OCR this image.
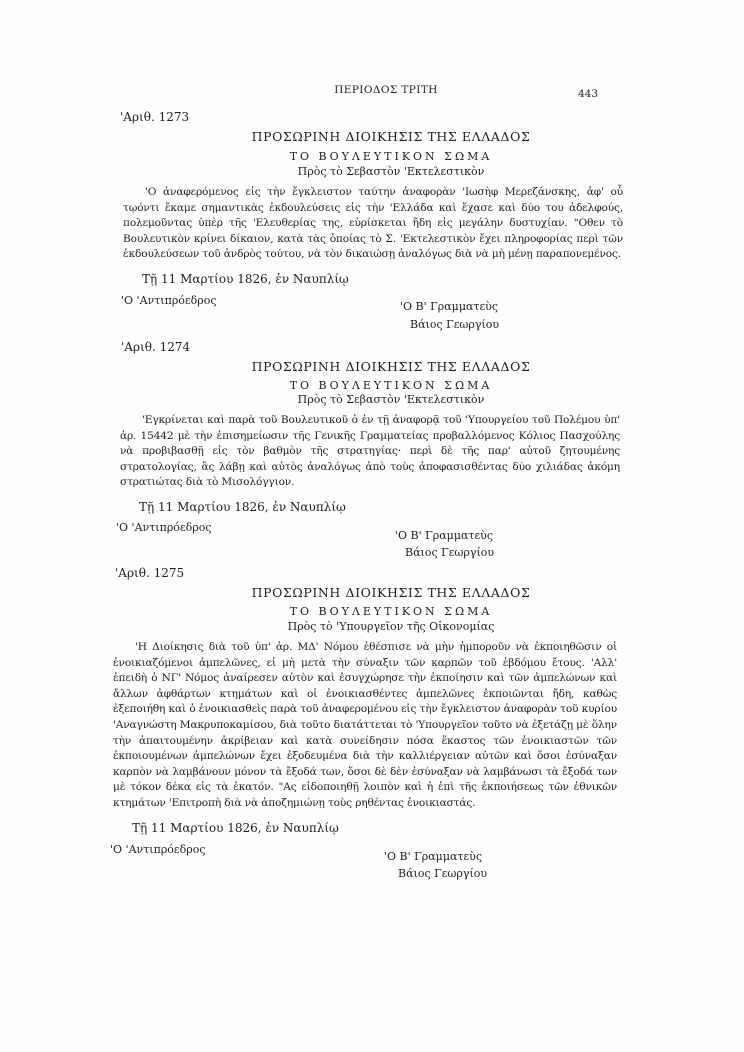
ΠΕΡΙΟΔΟΣ ΤΡΙΤΗ	443
'Αριθ. 1273
ΠΡΟΣΩΡΙΝΗ ΔΙΟΙΚΗΣΙΣ ΤΗΣ ΕΛΛΑΔΟΣ
ΤΟ ΒΟΥΛΕΥΤΙΚΟΝ ΣΩΜΑ
Πρὸς τὸ Σεβαστὸν 'Εκτελεστικὸν

'Ο ἀναφερόμενος εἰς τὴν ἔγκλειστον ταύτην ἀναφορὰν 'Ιωσὴφ Μερεζάνσκης, ἀφ' οὗ τῳόντι ἔκαμε σημαντικὰς ἐκδουλεύσεις εἰς τὴν 'Ελλάδα καὶ ἔχασε καὶ δύο του ἀδελφούς, πολεμοῦντας ὑπὲρ τῆς 'Ελευθερίας της, εὑρίσκεται ἤδη εἰς μεγάλην δυστυχίαν. "Οθεν τὸ Βουλευτικὸν κρίνει δίκαιον, κατὰ τὰς ὁποίας τὸ Σ. 'Εκτελεστικὸν ἔχει πληροφορίας περὶ τῶν ἐκδουλεύσεων τοῦ ἀνδρὸς τούτου, νὰ τὸν δικαιώσῃ ἀναλόγως διὰ νὰ μὴ μένῃ παραπονεμένος.

Τῇ 11 Μαρτίου 1826, ἐν Ναυπλίῳ
'Ο 'Αντιπρόεδρος	'Ο Β' Γραμματεὺς
Βάιος Γεωργίου
'Αριθ. 1274
ΠΡΟΣΩΡΙΝΗ ΔΙΟΙΚΗΣΙΣ ΤΗΣ ΕΛΛΑΔΟΣ
ΤΟ ΒΟΥΛΕΥΤΙΚΟΝ ΣΩΜΑ
Πρὸς τὸ Σεβαστὸν 'Εκτελεστικὸν

'Εγκρίνεται καὶ παρὰ τοῦ Βουλευτικοῦ ὁ ἐν τῇ ἀναφορᾷ τοῦ 'Υπουργείου τοῦ Πολέμου ὑπ' ἀρ. 15442 μὲ τὴν ἐπισημείωσιν τῆς Γενικῆς Γραμματείας προβαλλόμενος Κόλιος Πασχούλης νὰ προβιβασθῇ εἰς τὸν βαθμὸν τῆς στρατηγίας· περὶ δὲ τῆς παρ' αὐτοῦ ζητουμένης στρατολογίας, ἂς λάβῃ καὶ αὐτὸς ἀναλόγως ἀπὸ τοὺς ἀποφασισθέντας δύο χιλιάδας ἀκόμη στρατιώτας διὰ τὸ Μισολόγγιον.

Τῇ 11 Μαρτίου 1826, ἐν Ναυπλίῳ
'Ο 'Αντιπρόεδρος
'Ο Β' Γραμματεὺς
Βάιος Γεωργίου
'Αριθ. 1275
ΠΡΟΣΩΡΙΝΗ ΔΙΟΙΚΗΣΙΣ ΤΗΣ ΕΛΛΑΔΟΣ
ΤΟ ΒΟΥΛΕΥΤΙΚΟΝ ΣΩΜΑ
Πρὸς τὸ 'Υπουργεῖον τῆς Οἰκονομίας

'Η Διοίκησις διὰ τοῦ ὑπ' ἀρ. ΜΔ' Νόμου ἐθέσπισε νὰ μὴν ἠμποροῦν νὰ ἐκποιηθῶσιν οἱ ἐνοικιαζόμενοι ἀμπελῶνες, εἰ μὴ μετὰ τὴν σύναξιν τῶν καρπῶν τοῦ ἑβδόμου ἔτους. 'Αλλ' ἐπειδὴ ὁ ΝΓ' Νόμος ἀναίρεσεν αὐτὸν καὶ ἐσυγχώρησε τὴν ἐκποίησιν καὶ τῶν ἀμπελώνων καὶ ἄλλων ἀφθάρτων κτημάτων καὶ οἱ ἐνοικιασθέντες ἀμπελῶνες ἐκποιῶνται ἤδη, καθὼς ἐξεποιήθη καὶ ὁ ἐνοικιασθεὶς παρὰ τοῦ ἀναφερομένου εἰς τὴν ἔγκλειστον ἀναφορὰν τοῦ κυρίου 'Αναγνώστη Μακρυποκαμίσου, διὰ τοῦτο διατάττεται τὸ 'Υπουργεῖον τοῦτο νὰ ἐξετάζῃ μὲ ὅλην τὴν ἀπαιτουμένην ἀκρίβειαν καὶ κατὰ συνείδησιν πόσα ἕκαστος τῶν ἐνοικιαστῶν τῶν ἐκποιουμένων ἀμπελώνων ἔχει ἐξοδευμένα διὰ τὴν καλλιέργειαν αὐτῶν καὶ ὅσοι ἐσύναξαν καρπὸν νὰ λαμβάνουν μόνον τὰ ἔξοδά των, ὅσοι δὲ δὲν ἐσύναξαν νὰ λαμβάνωσι τὰ ἔξοδά των μὲ τόκον δέκα εἰς τὰ ἑκατόν. "Ας εἰδοποιηθῇ λοιπὸν καὶ ἡ ἐπὶ τῆς ἐκποιήσεως τῶν ἐθνικῶν κτημάτων 'Επιτροπὴ διὰ νὰ ἀποζημιώνῃ τοὺς ρηθέντας ἐνοικιαστάς.

Τῇ 11 Μαρτίου 1826, ἐν Ναυπλίῳ
'Ο 'Αντιπρόεδρος
'Ο Β' Γραμματεὺς
Βάιος Γεωργίου
